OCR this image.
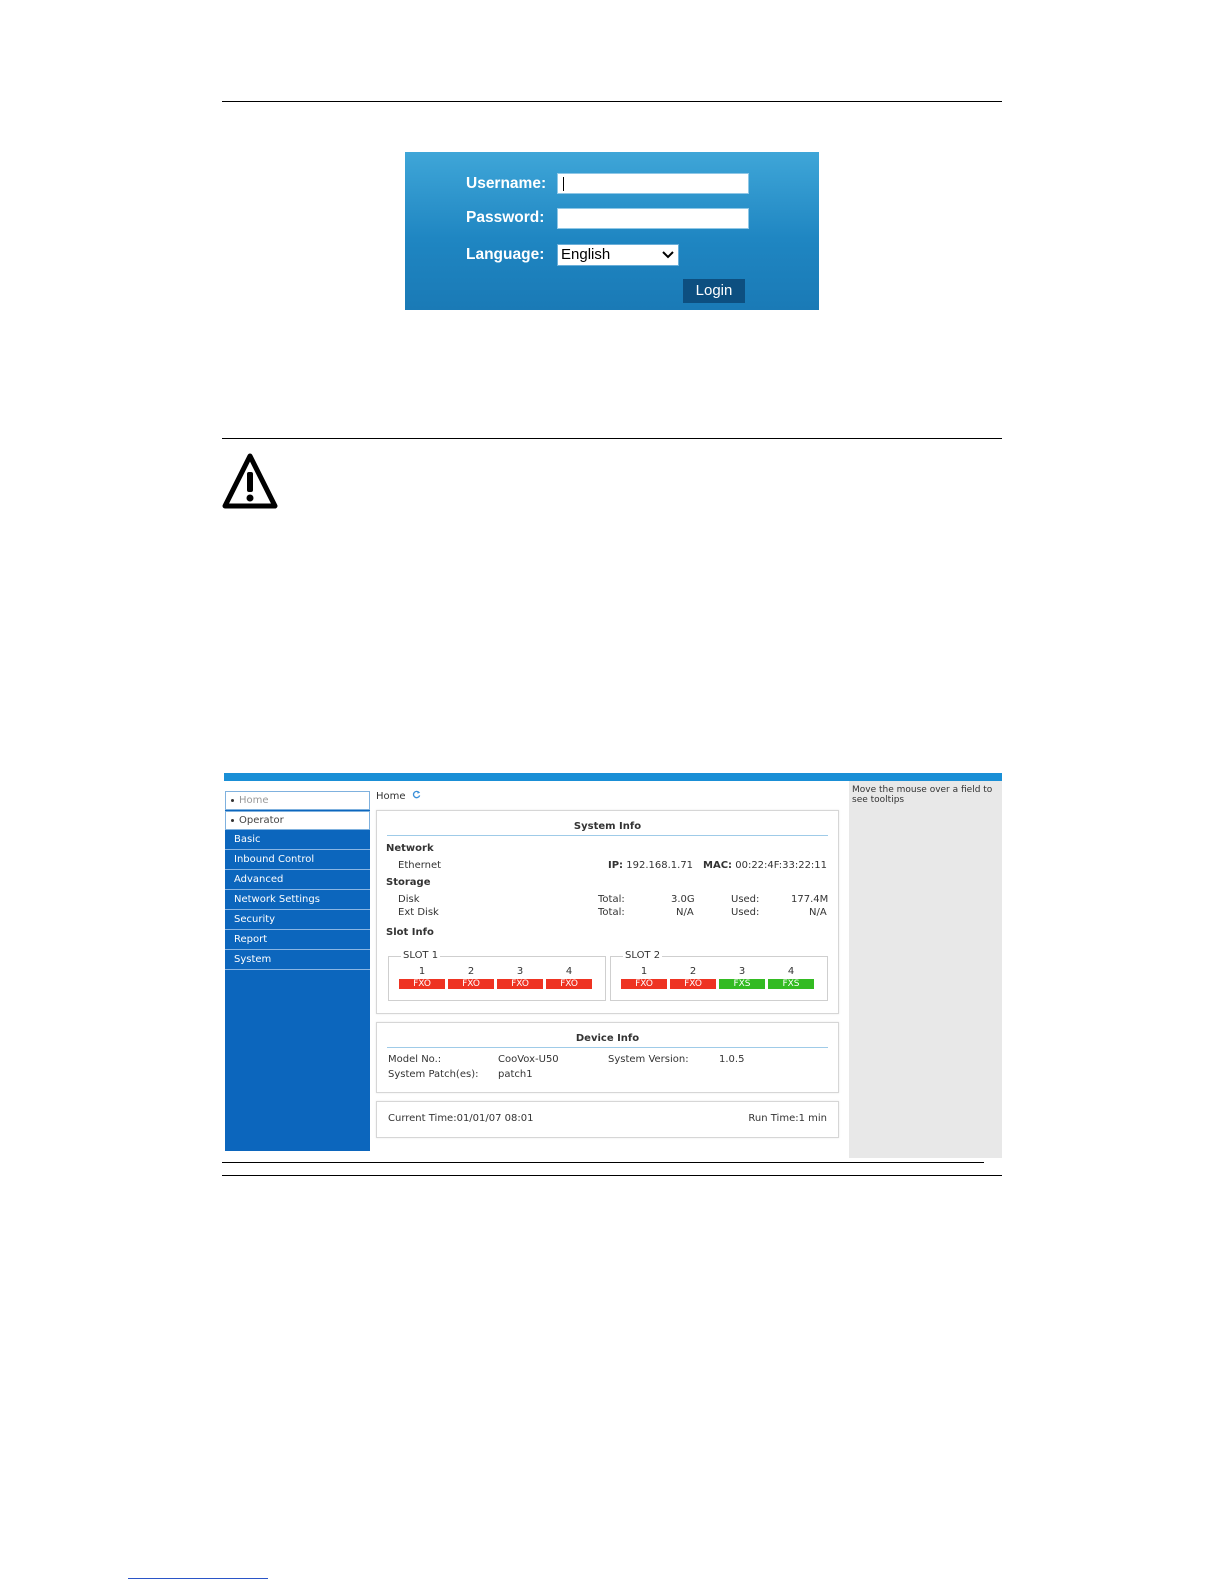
Username:
Password:
Language: English
Login
Home
Operator
Basic
Inbound Control
Advanced
Network Settings
Security
Report
System
Home
System Info
Network
Ethernet	IP: 192.168.1.71 MAC: 00:22:4F:33:22:11
Storage
Disk	Total:	3.0G	Used:	177.4M
Ext Disk	Total:	N/A	Used:	N/A
Slot Info
SLOT 1
1	2	3	4
FXO	FXO	FXO	FXO
SLOT 2
1	2	3	4
FXO	FXO	FXS	FXS
Device Info
Model No.:	CooVox-U50	System Version:	1.0.5
System Patch(es): patch1
Current Time:01/01/07 08:01	Run Time:1 min
Move the mouse over a field to see tooltips
